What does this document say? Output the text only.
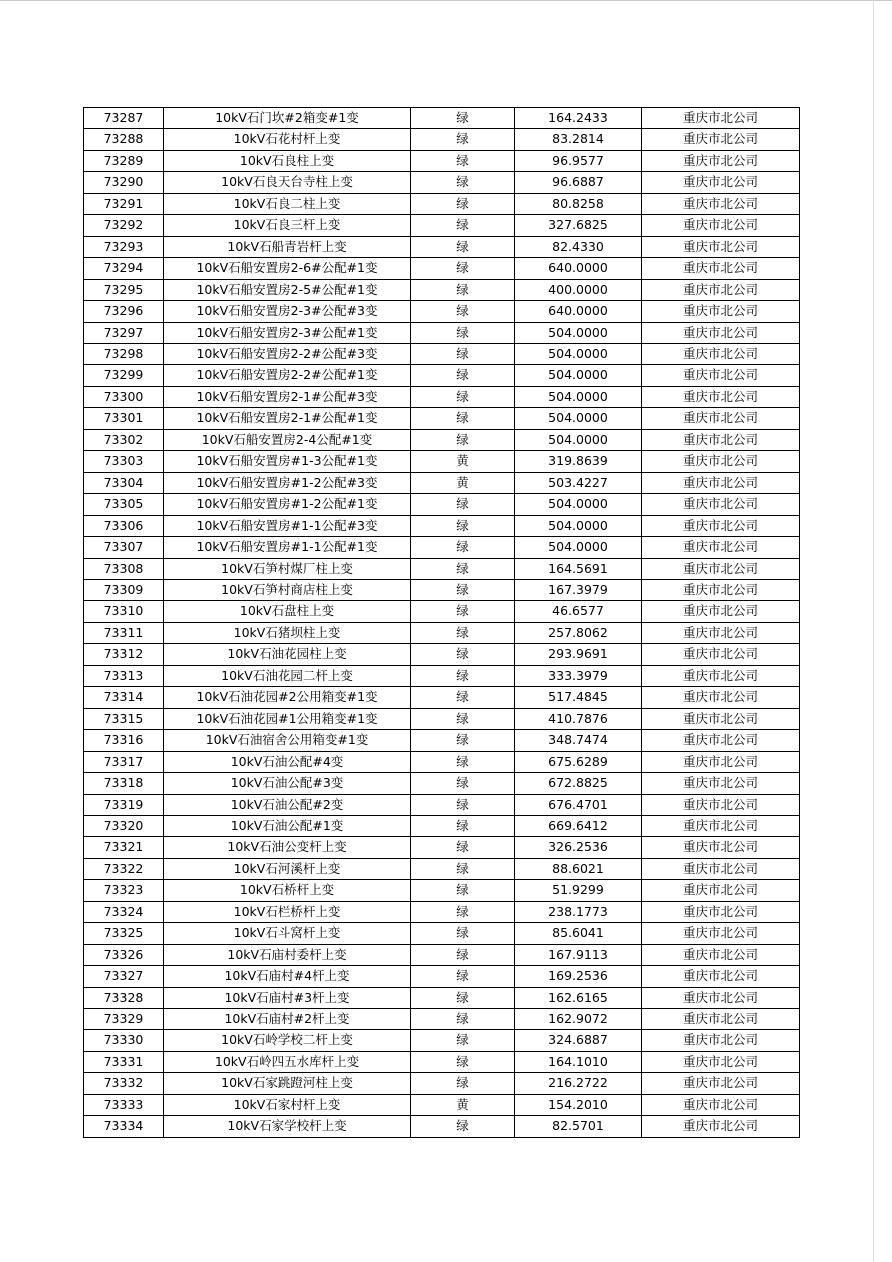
73287	10kV石门坎#2箱变#1变	绿	164.2433	重庆市北公司
73288	10kV石花村杆上变	绿	83.2814	重庆市北公司
73289	10kV石良柱上变	绿	96.9577	重庆市北公司
73290	10kV石良天台寺柱上变	绿	96.6887	重庆市北公司
73291	10kV石良二柱上变	绿	80.8258	重庆市北公司
73292	10kV石良三杆上变	绿	327.6825	重庆市北公司
73293	10kV石船青岩杆上变	绿	82.4330	重庆市北公司
73294	10kV石船安置房2-6#公配#1变	绿	640.0000	重庆市北公司
73295	10kV石船安置房2-5#公配#1变	绿	400.0000	重庆市北公司
73296	10kV石船安置房2-3#公配#3变	绿	640.0000	重庆市北公司
73297	10kV石船安置房2-3#公配#1变	绿	504.0000	重庆市北公司
73298	10kV石船安置房2-2#公配#3变	绿	504.0000	重庆市北公司
73299	10kV石船安置房2-2#公配#1变	绿	504.0000	重庆市北公司
73300	10kV石船安置房2-1#公配#3变	绿	504.0000	重庆市北公司
73301	10kV石船安置房2-1#公配#1变	绿	504.0000	重庆市北公司
73302	10kV石船安置房2-4公配#1变	绿	504.0000	重庆市北公司
73303	10kV石船安置房#1-3公配#1变	黄	319.8639	重庆市北公司
73304	10kV石船安置房#1-2公配#3变	黄	503.4227	重庆市北公司
73305	10kV石船安置房#1-2公配#1变	绿	504.0000	重庆市北公司
73306	10kV石船安置房#1-1公配#3变	绿	504.0000	重庆市北公司
73307	10kV石船安置房#1-1公配#1变	绿	504.0000	重庆市北公司
73308	10kV石笋村煤厂柱上变	绿	164.5691	重庆市北公司
73309	10kV石笋村商店柱上变	绿	167.3979	重庆市北公司
73310	10kV石盘柱上变	绿	46.6577	重庆市北公司
73311	10kV石猪坝柱上变	绿	257.8062	重庆市北公司
73312	10kV石油花园柱上变	绿	293.9691	重庆市北公司
73313	10kV石油花园二杆上变	绿	333.3979	重庆市北公司
73314	10kV石油花园#2公用箱变#1变	绿	517.4845	重庆市北公司
73315	10kV石油花园#1公用箱变#1变	绿	410.7876	重庆市北公司
73316	10kV石油宿舍公用箱变#1变	绿	348.7474	重庆市北公司
73317	10kV石油公配#4变	绿	675.6289	重庆市北公司
73318	10kV石油公配#3变	绿	672.8825	重庆市北公司
73319	10kV石油公配#2变	绿	676.4701	重庆市北公司
73320	10kV石油公配#1变	绿	669.6412	重庆市北公司
73321	10kV石油公变杆上变	绿	326.2536	重庆市北公司
73322	10kV石河溪杆上变	绿	88.6021	重庆市北公司
73323	10kV石桥杆上变	绿	51.9299	重庆市北公司
73324	10kV石栏桥杆上变	绿	238.1773	重庆市北公司
73325	10kV石斗窝杆上变	绿	85.6041	重庆市北公司
73326	10kV石庙村委杆上变	绿	167.9113	重庆市北公司
73327	10kV石庙村#4杆上变	绿	169.2536	重庆市北公司
73328	10kV石庙村#3杆上变	绿	162.6165	重庆市北公司
73329	10kV石庙村#2杆上变	绿	162.9072	重庆市北公司
73330	10kV石岭学校二杆上变	绿	324.6887	重庆市北公司
73331	10kV石岭四五水库杆上变	绿	164.1010	重庆市北公司
73332	10kV石家跳蹬河柱上变	绿	216.2722	重庆市北公司
73333	10kV石家村杆上变	黄	154.2010	重庆市北公司
73334	10kV石家学校杆上变	绿	82.5701	重庆市北公司
